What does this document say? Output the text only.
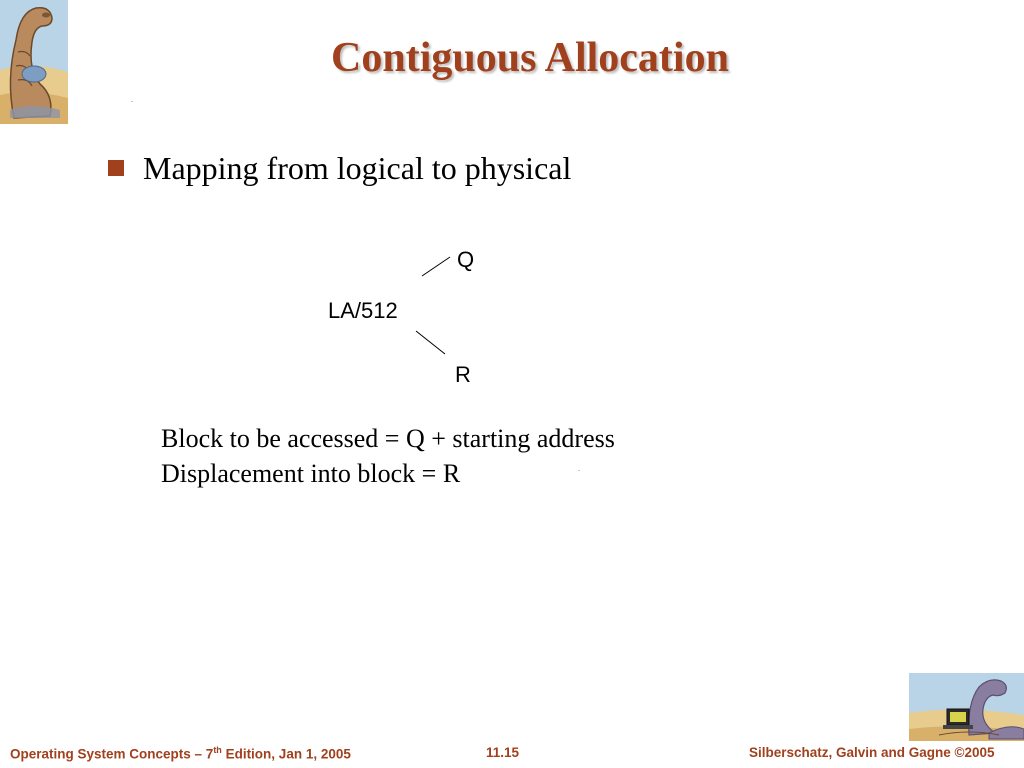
Contiguous Allocation
Mapping from logical to physical
Q
LA/512
R
Block to be accessed = Q + starting address
Displacement into block = R
Operating System Concepts – 7th Edition, Jan 1, 2005	11.15	Silberschatz, Galvin and Gagne ©2005
